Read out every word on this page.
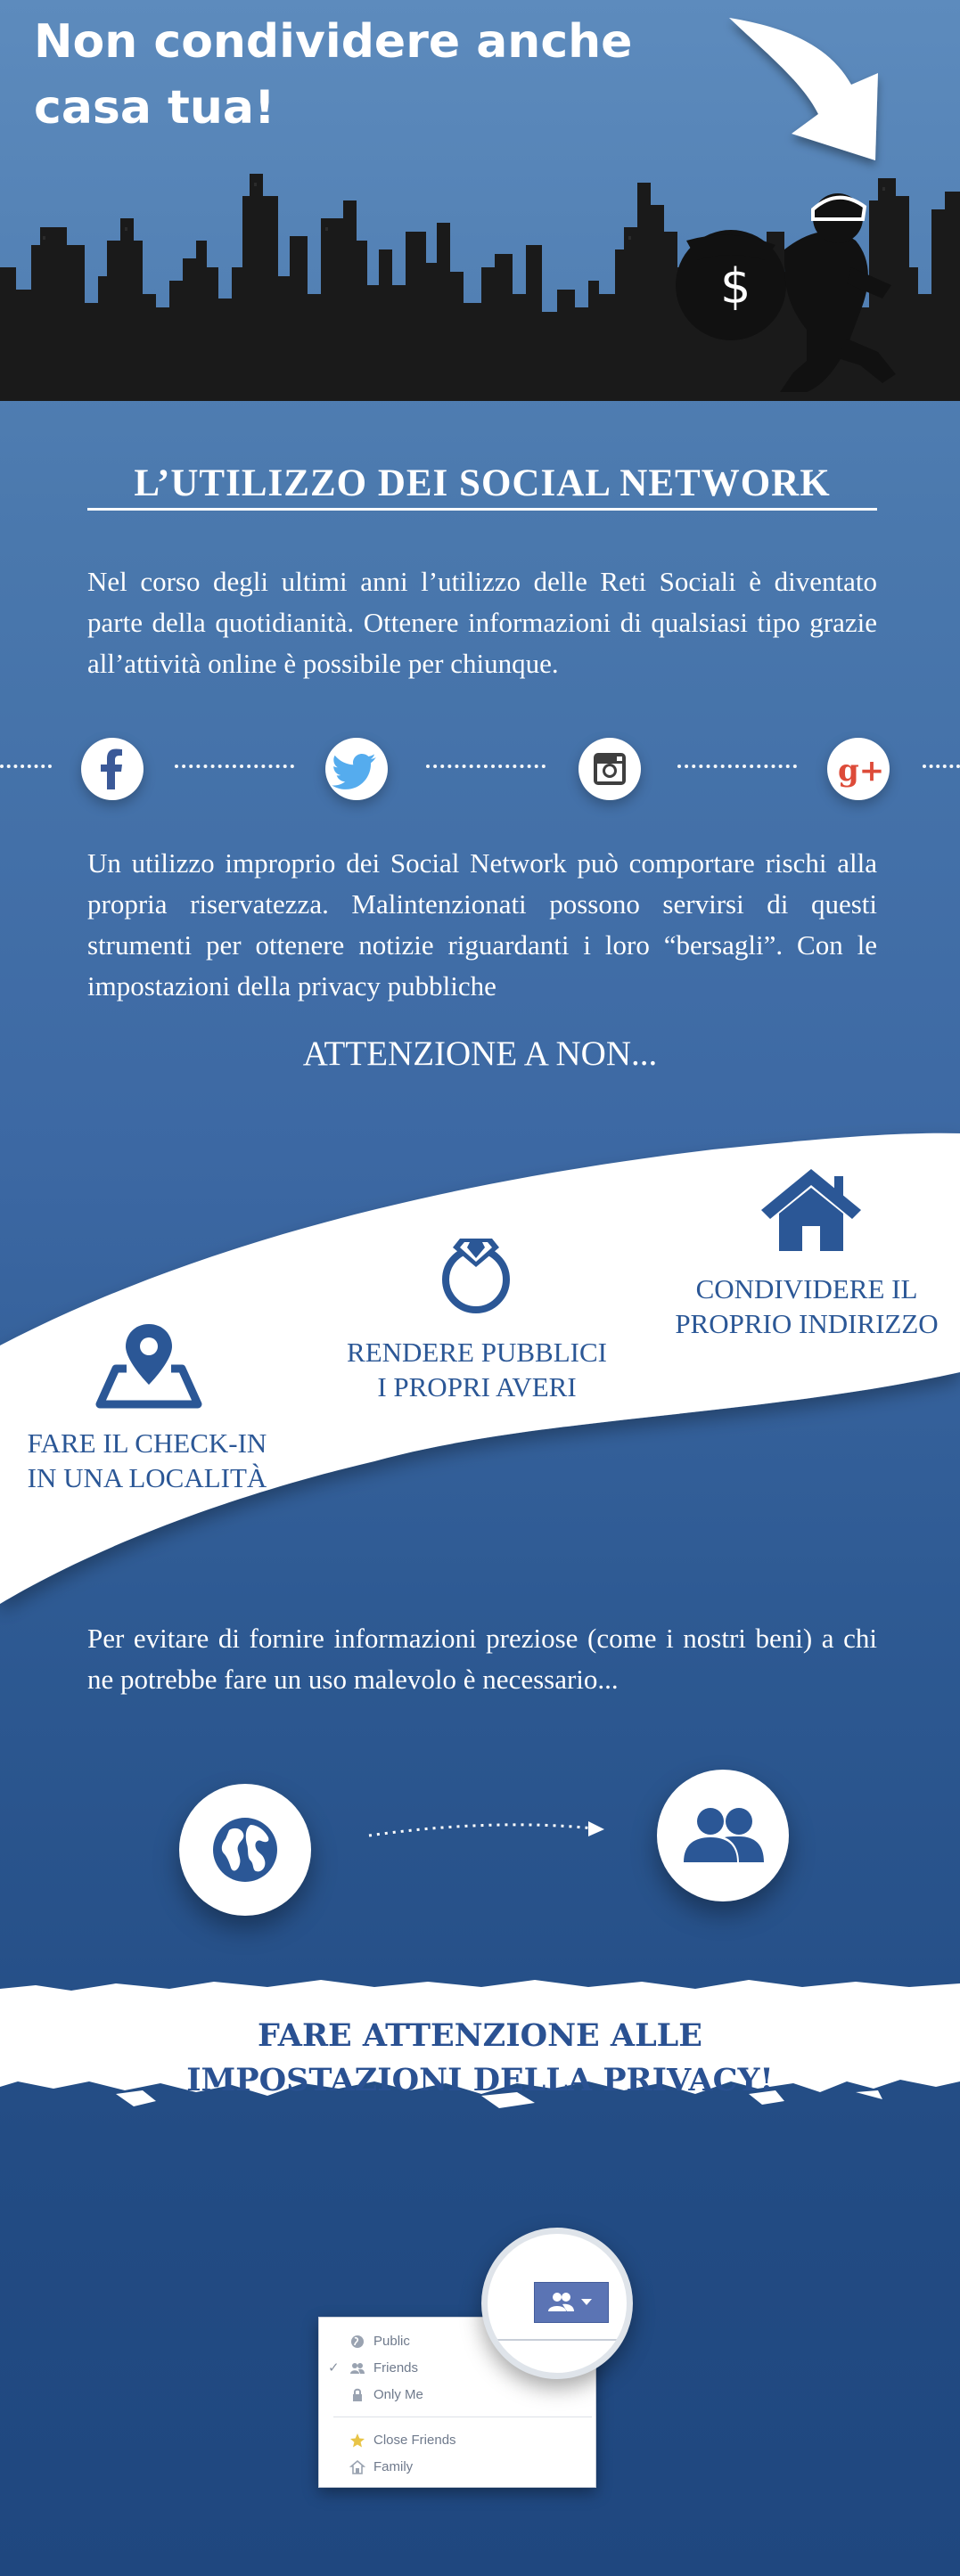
$
Non condividere anche casa tua!
L’UTILIZZO DEI SOCIAL NETWORK

Nel corso degli ultimi anni l’utilizzo delle Reti Sociali è diventato parte della quotidianità. Ottenere informazioni di qualsiasi tipo grazie all’attività online è possibile per chiunque.

g+

Un utilizzo improprio dei Social Network può comportare rischi alla propria riservatezza. Malintenzionati possono servirsi di questi strumenti per ottenere notizie riguardanti i loro “bersagli”. Con le impostazioni della privacy pubbliche

ATTENZIONE A NON...

CONDIVIDERE IL

PROPRIO INDIRIZZO

RENDERE PUBBLICI

I PROPRI AVERI

FARE IL CHECK-IN

IN UNA LOCALITÀ

Per evitare di fornire informazioni preziose (come i nostri beni) a chi ne potrebbe fare un uso malevolo è necessario...

FARE ATTENZIONE ALLE
IMPOSTAZIONI DELLA PRIVACY!
Public
✓	Friends
Only Me
Close Friends
Family
